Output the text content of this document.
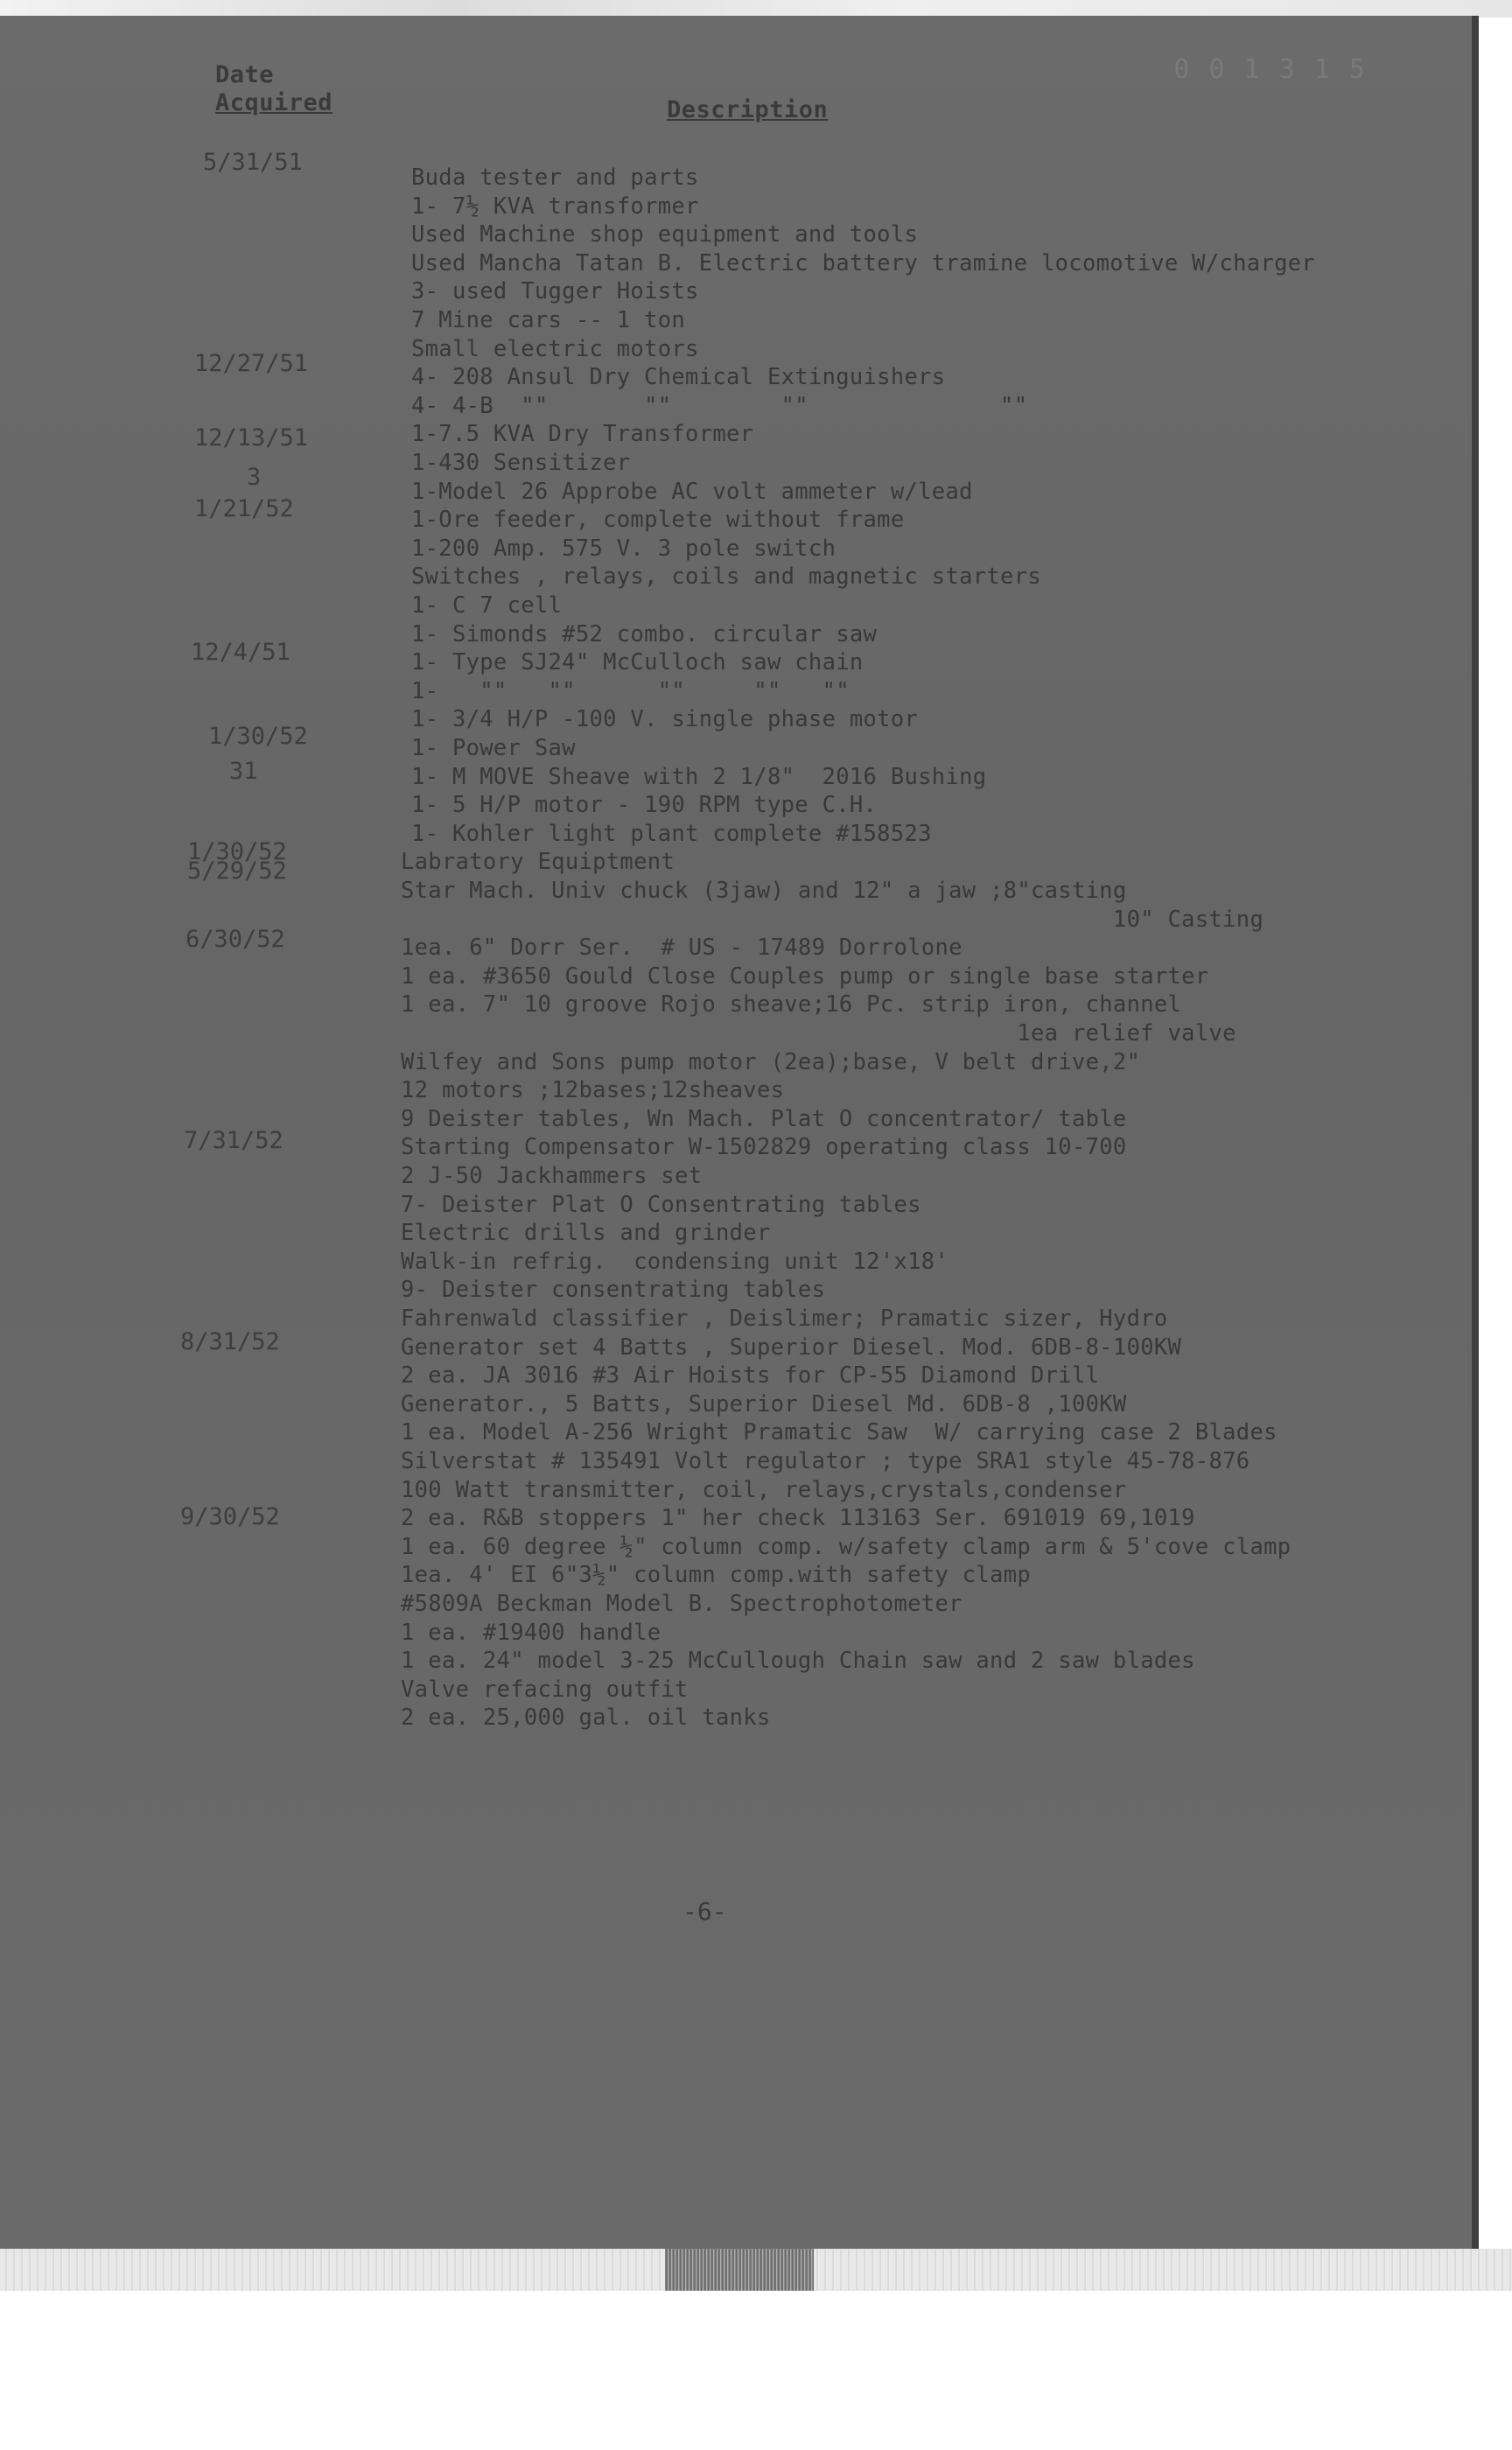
0 0 1 3 1 5
Date
Acquired	Description
5/31/51
12/27/51
12/13/51
3
1/21/52
12/4/51
1/30/52
31
1/30/52
5/29/52
6/30/52
7/31/52
8/31/52
9/30/52
Buda tester and parts
1- 7½ KVA transformer
Used Machine shop equipment and tools
Used Mancha Tatan B. Electric battery tramine locomotive W/charger
3- used Tugger Hoists
7 Mine cars -- 1 ton
Small electric motors
4- 208 Ansul Dry Chemical Extinguishers
4- 4-B  ""       ""        ""              ""
1-7.5 KVA Dry Transformer
1-430 Sensitizer
1-Model 26 Approbe AC volt ammeter w/lead
1-Ore feeder, complete without frame
1-200 Amp. 575 V. 3 pole switch
Switches , relays, coils and magnetic starters
1- C 7 cell
1- Simonds #52 combo. circular saw
1- Type SJ24" McCulloch saw chain
1-   ""   ""      ""     ""   ""
1- 3/4 H/P -100 V. single phase motor
1- Power Saw
1- M MOVE Sheave with 2 1/8"  2016 Bushing
1- 5 H/P motor - 190 RPM type C.H.
1- Kohler light plant complete #158523
Labratory Equiptment
Star Mach. Univ chuck (3jaw) and 12" a jaw ;8"casting
10" Casting
1ea. 6" Dorr Ser.  # US - 17489 Dorrolone
1 ea. #3650 Gould Close Couples pump or single base starter
1 ea. 7" 10 groove Rojo sheave;16 Pc. strip iron, channel
1ea relief valve
Wilfey and Sons pump motor (2ea);base, V belt drive,2"
12 motors ;12bases;12sheaves
9 Deister tables, Wn Mach. Plat O concentrator/ table
Starting Compensator W-1502829 operating class 10-700
2 J-50 Jackhammers set
7- Deister Plat O Consentrating tables
Electric drills and grinder
Walk-in refrig.  condensing unit 12'x18'
9- Deister consentrating tables
Fahrenwald classifier , Deislimer; Pramatic sizer, Hydro
Generator set 4 Batts , Superior Diesel. Mod. 6DB-8-100KW
2 ea. JA 3016 #3 Air Hoists for CP-55 Diamond Drill
Generator., 5 Batts, Superior Diesel Md. 6DB-8 ,100KW
1 ea. Model A-256 Wright Pramatic Saw  W/ carrying case 2 Blades
Silverstat # 135491 Volt regulator ; type SRA1 style 45-78-876
100 Watt transmitter, coil, relays,crystals,condenser
2 ea. R&B stoppers 1" her check 113163 Ser. 691019 69,1019
1 ea. 60 degree ½" column comp. w/safety clamp arm & 5'cove clamp
1ea. 4' EI 6"3½" column comp.with safety clamp
#5809A Beckman Model B. Spectrophotometer
1 ea. #19400 handle
1 ea. 24" model 3-25 McCullough Chain saw and 2 saw blades
Valve refacing outfit
2 ea. 25,000 gal. oil tanks
-6-
